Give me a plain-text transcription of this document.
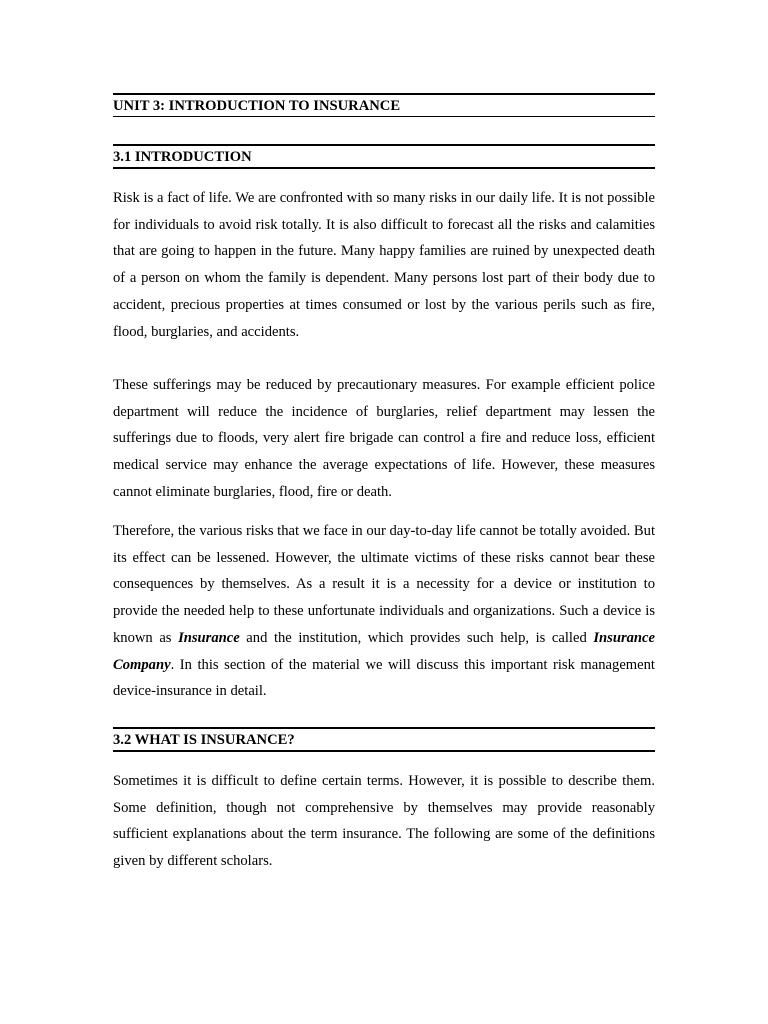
UNIT 3: INTRODUCTION TO INSURANCE
3.1 INTRODUCTION

Risk is a fact of life. We are confronted with so many risks in our daily life. It is not possible for individuals to avoid risk totally. It is also difficult to forecast all the risks and calamities that are going to happen in the future. Many happy families are ruined by unexpected death of a person on whom the family is dependent. Many persons lost part of their body due to accident, precious properties at times consumed or lost by the various perils such as fire, flood, burglaries, and accidents.

These sufferings may be reduced by precautionary measures. For example efficient police department will reduce the incidence of burglaries, relief department may lessen the sufferings due to floods, very alert fire brigade can control a fire and reduce loss, efficient medical service may enhance the average expectations of life. However, these measures cannot eliminate burglaries, flood, fire or death.

Therefore, the various risks that we face in our day-to-day life cannot be totally avoided. But its effect can be lessened. However, the ultimate victims of these risks cannot bear these consequences by themselves. As a result it is a necessity for a device or institution to provide the needed help to these unfortunate individuals and organizations. Such a device is known as Insurance and the institution, which provides such help, is called Insurance Company. In this section of the material we will discuss this important risk management device-insurance in detail.

3.2 WHAT IS INSURANCE?

Sometimes it is difficult to define certain terms. However, it is possible to describe them. Some definition, though not comprehensive by themselves may provide reasonably sufficient explanations about the term insurance. The following are some of the definitions given by different scholars.
